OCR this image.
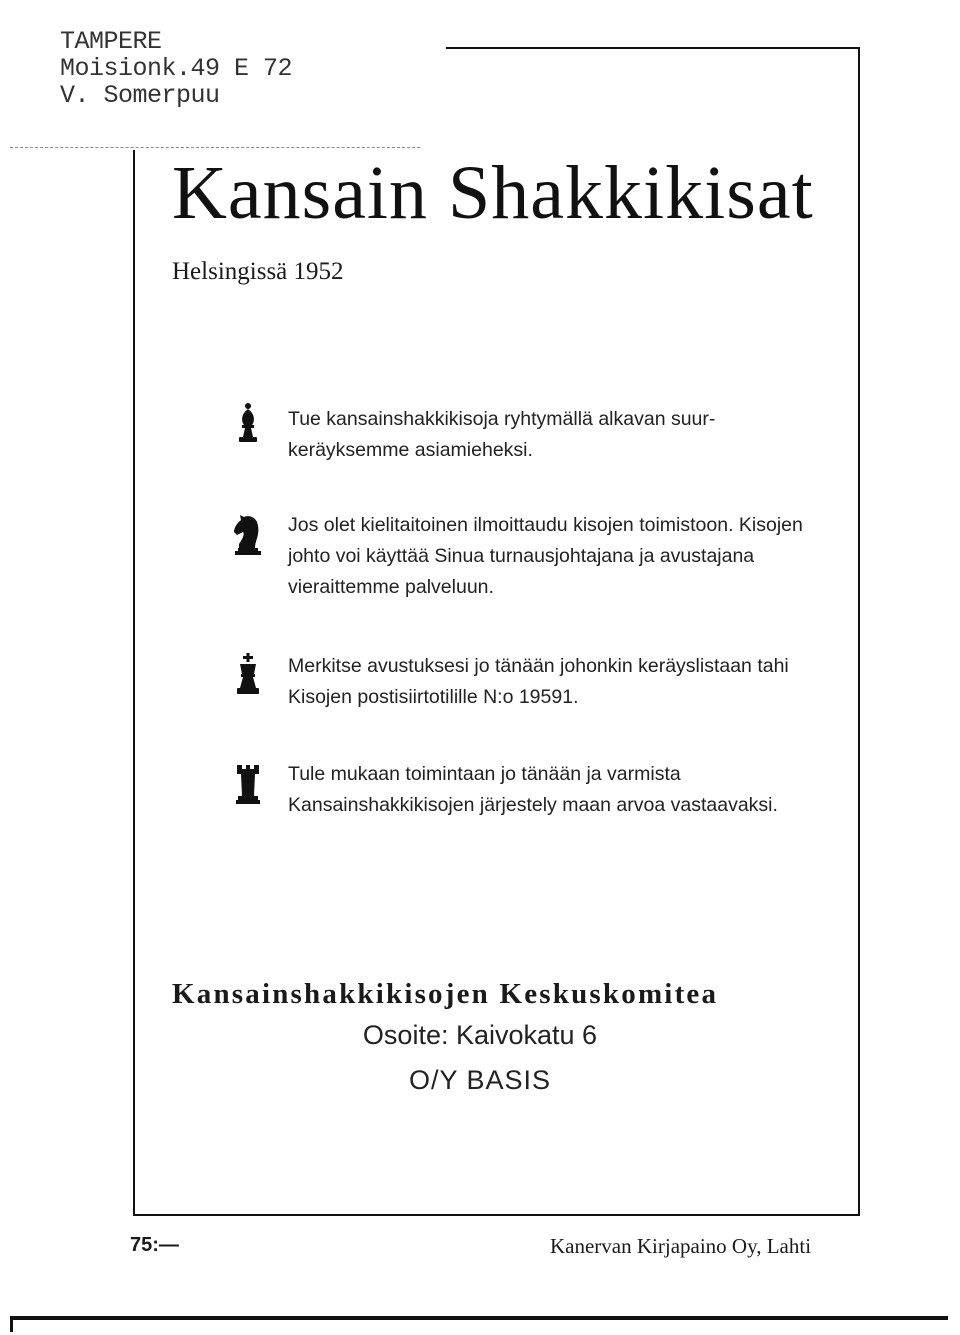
TAMPERE
Moisionk.49 E 72
V. Somerpuu
Kansain Shakkikisat
Helsingissä 1952
Tue kansainshakkikisoja ryhtymällä alkavan suurkeräyksemme asiamieheksi.
Jos olet kielitaitoinen ilmoittaudu kisojen toimistoon. Kisojen johto voi käyttää Sinua turnausjohtajana ja avustajana vieraittemme palveluun.
Merkitse avustuksesi jo tänään johonkin keräyslistaan tahi Kisojen postisiirtotilille N:o 19591.
Tule mukaan toimintaan jo tänään ja varmista Kansainshakkikisojen järjestely maan arvoa vastaavaksi.
Kansainshakkikisojen Keskuskomitea
Osoite: Kaivokatu 6
O/Y BASIS
75:—	Kanervan Kirjapaino Oy, Lahti
